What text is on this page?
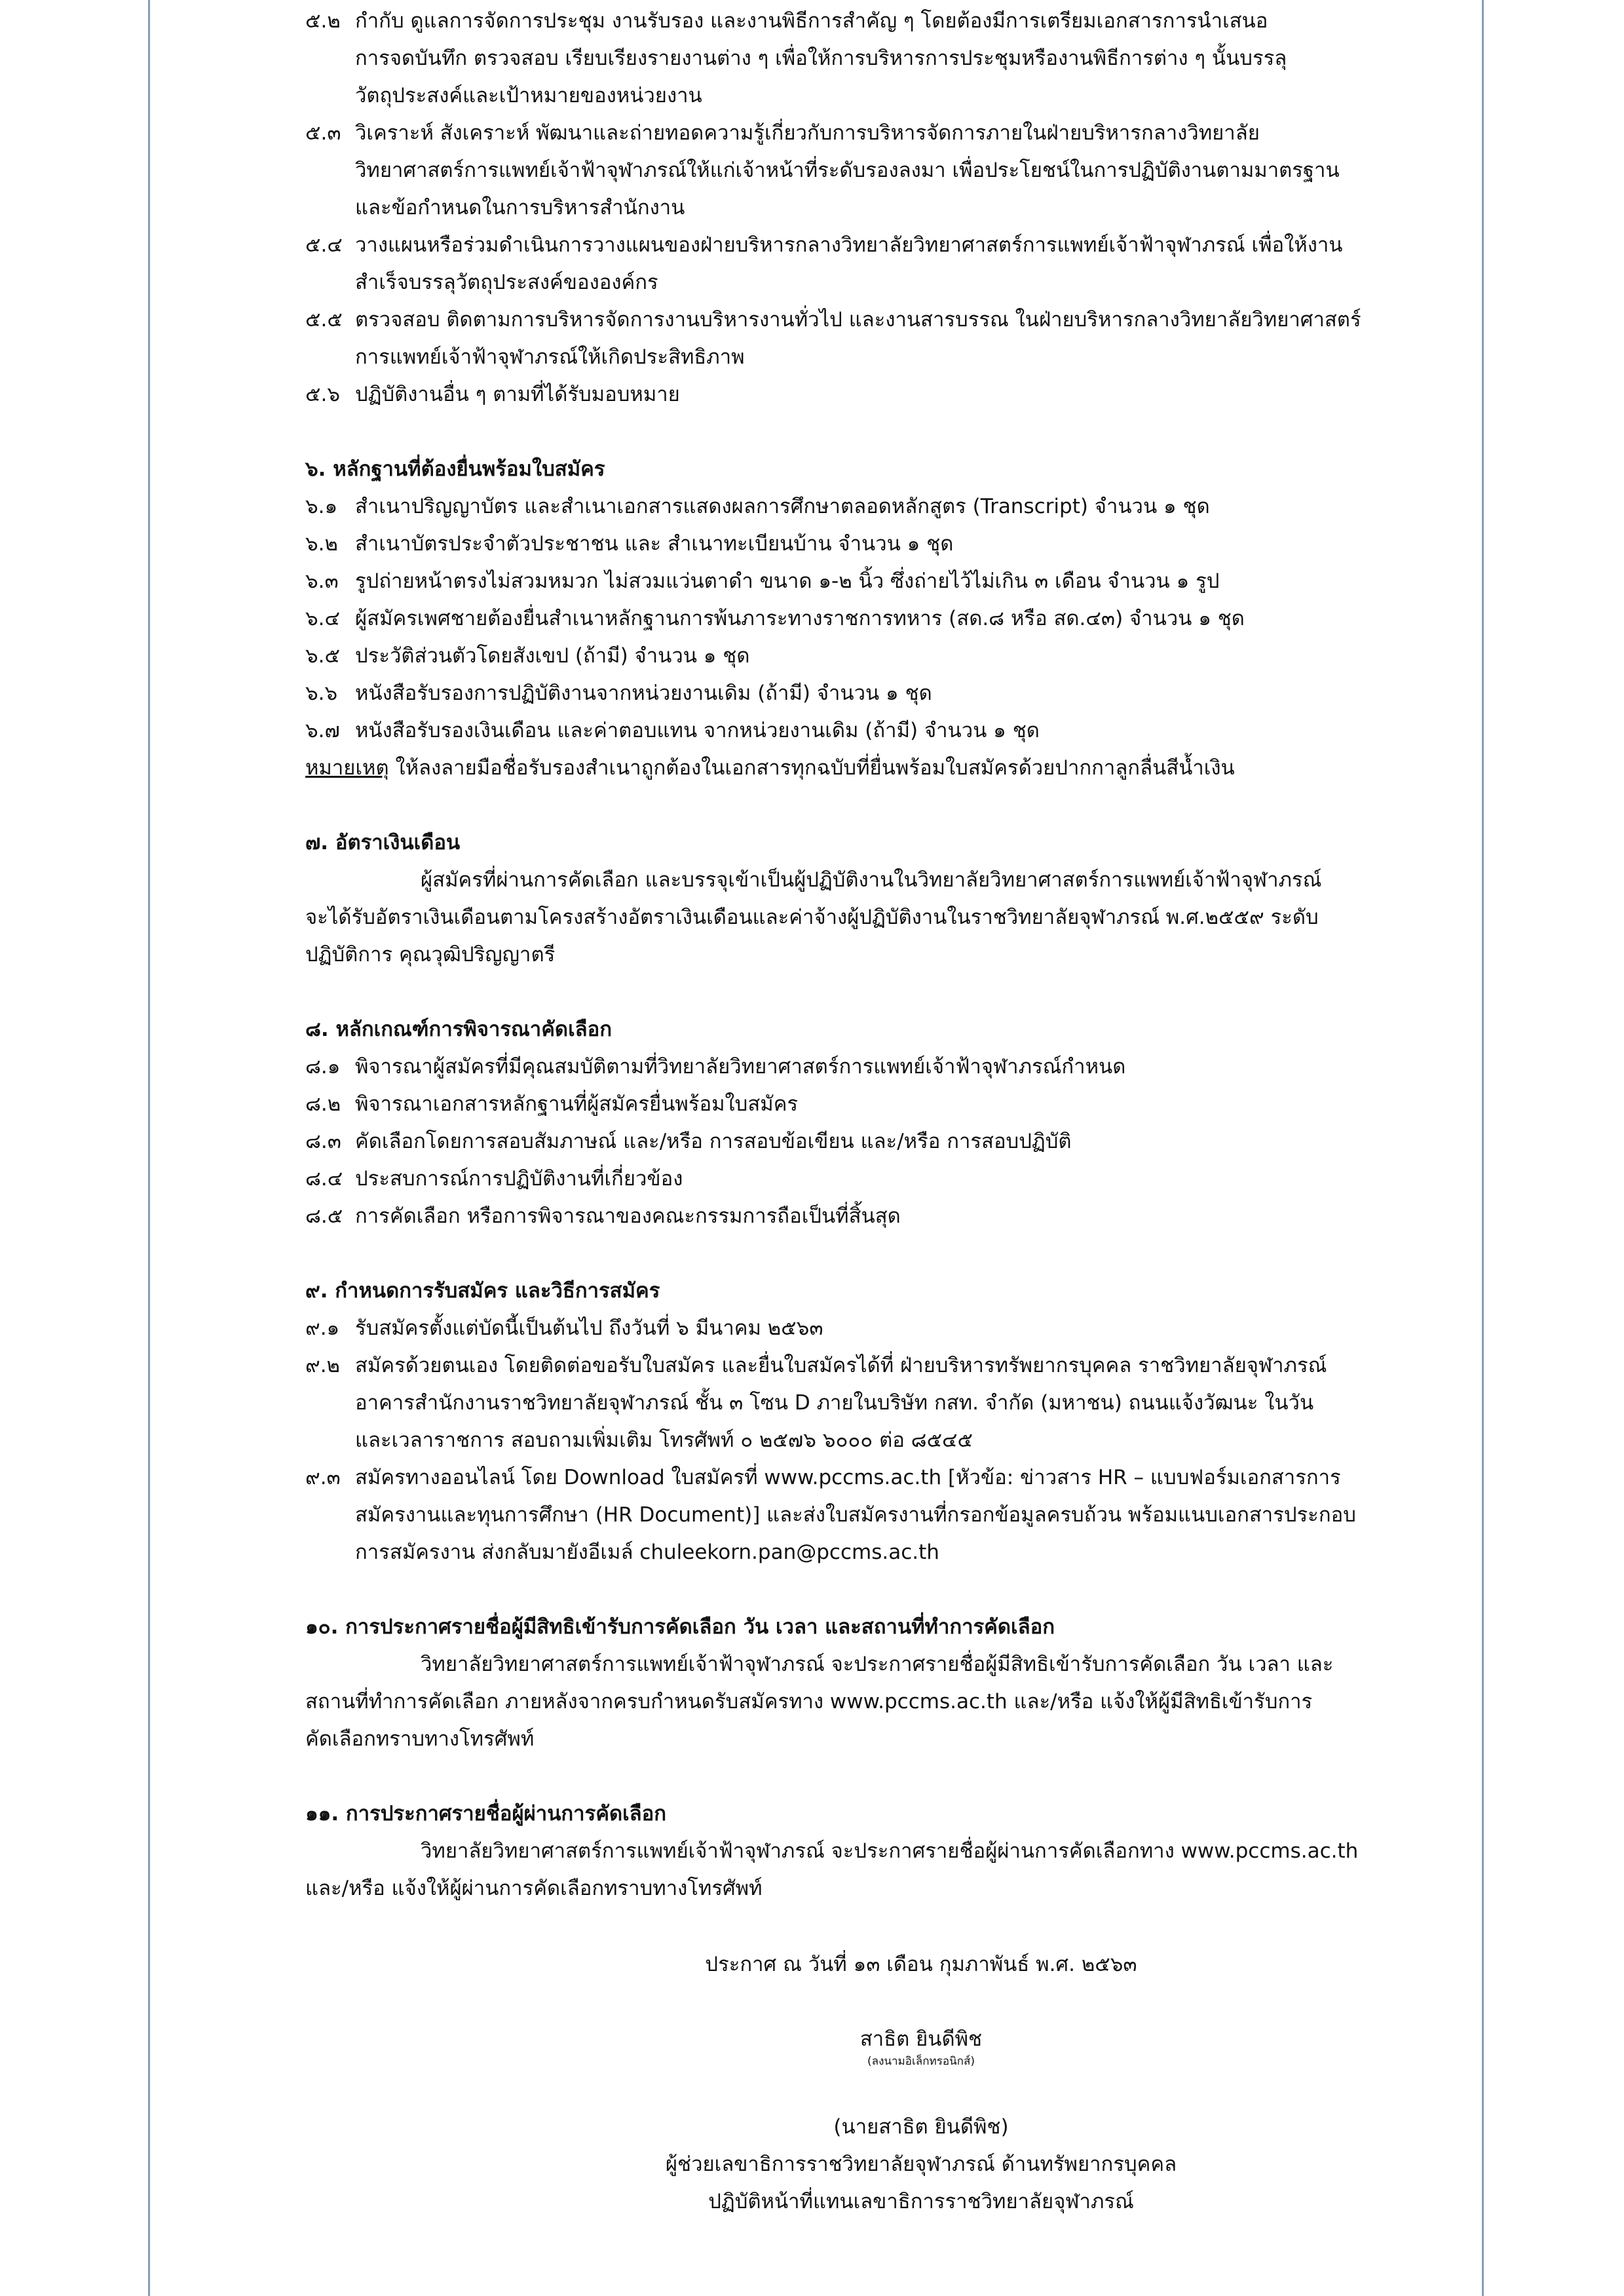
๕.๒ กำกับ ดูแลการจัดการประชุม งานรับรอง และงานพิธีการสำคัญ ๆ โดยต้องมีการเตรียมเอกสารการนำเสนอ
การจดบันทึก ตรวจสอบ เรียบเรียงรายงานต่าง ๆ เพื่อให้การบริหารการประชุมหรืองานพิธีการต่าง ๆ นั้นบรรลุ
วัตถุประสงค์และเป้าหมายของหน่วยงาน
๕.๓ วิเคราะห์ สังเคราะห์ พัฒนาและถ่ายทอดความรู้เกี่ยวกับการบริหารจัดการภายในฝ่ายบริหารกลางวิทยาลัย
วิทยาศาสตร์การแพทย์เจ้าฟ้าจุฬาภรณ์ให้แก่เจ้าหน้าที่ระดับรองลงมา เพื่อประโยชน์ในการปฏิบัติงานตามมาตรฐาน
และข้อกำหนดในการบริหารสำนักงาน
๕.๔ วางแผนหรือร่วมดำเนินการวางแผนของฝ่ายบริหารกลางวิทยาลัยวิทยาศาสตร์การแพทย์เจ้าฟ้าจุฬาภรณ์ เพื่อให้งาน
สำเร็จบรรลุวัตถุประสงค์ขององค์กร
๕.๕ ตรวจสอบ ติดตามการบริหารจัดการงานบริหารงานทั่วไป และงานสารบรรณ ในฝ่ายบริหารกลางวิทยาลัยวิทยาศาสตร์
การแพทย์เจ้าฟ้าจุฬาภรณ์ให้เกิดประสิทธิภาพ
๕.๖ ปฏิบัติงานอื่น ๆ ตามที่ได้รับมอบหมาย
๖. หลักฐานที่ต้องยื่นพร้อมใบสมัคร
๖.๑ สำเนาปริญญาบัตร และสำเนาเอกสารแสดงผลการศึกษาตลอดหลักสูตร (Transcript) จำนวน ๑ ชุด
๖.๒ สำเนาบัตรประจำตัวประชาชน และ สำเนาทะเบียนบ้าน จำนวน ๑ ชุด
๖.๓ รูปถ่ายหน้าตรงไม่สวมหมวก ไม่สวมแว่นตาดำ ขนาด ๑-๒ นิ้ว ซึ่งถ่ายไว้ไม่เกิน ๓ เดือน จำนวน ๑ รูป
๖.๔ ผู้สมัครเพศชายต้องยื่นสำเนาหลักฐานการพ้นภาระทางราชการทหาร (สด.๘ หรือ สด.๔๓) จำนวน ๑ ชุด
๖.๕ ประวัติส่วนตัวโดยสังเขป (ถ้ามี) จำนวน ๑ ชุด
๖.๖ หนังสือรับรองการปฏิบัติงานจากหน่วยงานเดิม (ถ้ามี) จำนวน ๑ ชุด
๖.๗ หนังสือรับรองเงินเดือน และค่าตอบแทน จากหน่วยงานเดิม (ถ้ามี) จำนวน ๑ ชุด
หมายเหตุ ให้ลงลายมือชื่อรับรองสำเนาถูกต้องในเอกสารทุกฉบับที่ยื่นพร้อมใบสมัครด้วยปากกาลูกลื่นสีน้ำเงิน
๗. อัตราเงินเดือน
ผู้สมัครที่ผ่านการคัดเลือก และบรรจุเข้าเป็นผู้ปฏิบัติงานในวิทยาลัยวิทยาศาสตร์การแพทย์เจ้าฟ้าจุฬาภรณ์
จะได้รับอัตราเงินเดือนตามโครงสร้างอัตราเงินเดือนและค่าจ้างผู้ปฏิบัติงานในราชวิทยาลัยจุฬาภรณ์ พ.ศ.๒๕๕๙ ระดับ
ปฏิบัติการ คุณวุฒิปริญญาตรี
๘. หลักเกณฑ์การพิจารณาคัดเลือก
๘.๑ พิจารณาผู้สมัครที่มีคุณสมบัติตามที่วิทยาลัยวิทยาศาสตร์การแพทย์เจ้าฟ้าจุฬาภรณ์กำหนด
๘.๒ พิจารณาเอกสารหลักฐานที่ผู้สมัครยื่นพร้อมใบสมัคร
๘.๓ คัดเลือกโดยการสอบสัมภาษณ์ และ/หรือ การสอบข้อเขียน และ/หรือ การสอบปฏิบัติ
๘.๔ ประสบการณ์การปฏิบัติงานที่เกี่ยวข้อง
๘.๕ การคัดเลือก หรือการพิจารณาของคณะกรรมการถือเป็นที่สิ้นสุด
๙. กำหนดการรับสมัคร และวิธีการสมัคร
๙.๑ รับสมัครตั้งแต่บัดนี้เป็นต้นไป ถึงวันที่ ๖ มีนาคม ๒๕๖๓
๙.๒ สมัครด้วยตนเอง โดยติดต่อขอรับใบสมัคร และยื่นใบสมัครได้ที่ ฝ่ายบริหารทรัพยากรบุคคล ราชวิทยาลัยจุฬาภรณ์
อาคารสำนักงานราชวิทยาลัยจุฬาภรณ์ ชั้น ๓ โซน D ภายในบริษัท กสท. จำกัด (มหาชน) ถนนแจ้งวัฒนะ ในวัน
และเวลาราชการ สอบถามเพิ่มเติม โทรศัพท์ ๐ ๒๕๗๖ ๖๐๐๐ ต่อ ๘๕๔๕
๙.๓ สมัครทางออนไลน์ โดย Download ใบสมัครที่ www.pccms.ac.th [หัวข้อ: ข่าวสาร HR – แบบฟอร์มเอกสารการ
สมัครงานและทุนการศึกษา (HR Document)] และส่งใบสมัครงานที่กรอกข้อมูลครบถ้วน พร้อมแนบเอกสารประกอบ
การสมัครงาน ส่งกลับมายังอีเมล์ chuleekorn.pan@pccms.ac.th
๑๐. การประกาศรายชื่อผู้มีสิทธิเข้ารับการคัดเลือก วัน เวลา และสถานที่ทำการคัดเลือก
วิทยาลัยวิทยาศาสตร์การแพทย์เจ้าฟ้าจุฬาภรณ์ จะประกาศรายชื่อผู้มีสิทธิเข้ารับการคัดเลือก วัน เวลา และ
สถานที่ทำการคัดเลือก ภายหลังจากครบกำหนดรับสมัครทาง www.pccms.ac.th และ/หรือ แจ้งให้ผู้มีสิทธิเข้ารับการ
คัดเลือกทราบทางโทรศัพท์
๑๑. การประกาศรายชื่อผู้ผ่านการคัดเลือก
วิทยาลัยวิทยาศาสตร์การแพทย์เจ้าฟ้าจุฬาภรณ์ จะประกาศรายชื่อผู้ผ่านการคัดเลือกทาง www.pccms.ac.th
และ/หรือ แจ้งให้ผู้ผ่านการคัดเลือกทราบทางโทรศัพท์
ประกาศ ณ วันที่ ๑๓ เดือน กุมภาพันธ์ พ.ศ. ๒๕๖๓
สาธิต ยินดีพิช
(ลงนามอิเล็กทรอนิกส์)
(นายสาธิต ยินดีพิช)
ผู้ช่วยเลขาธิการราชวิทยาลัยจุฬาภรณ์ ด้านทรัพยากรบุคคล
ปฏิบัติหน้าที่แทนเลขาธิการราชวิทยาลัยจุฬาภรณ์
